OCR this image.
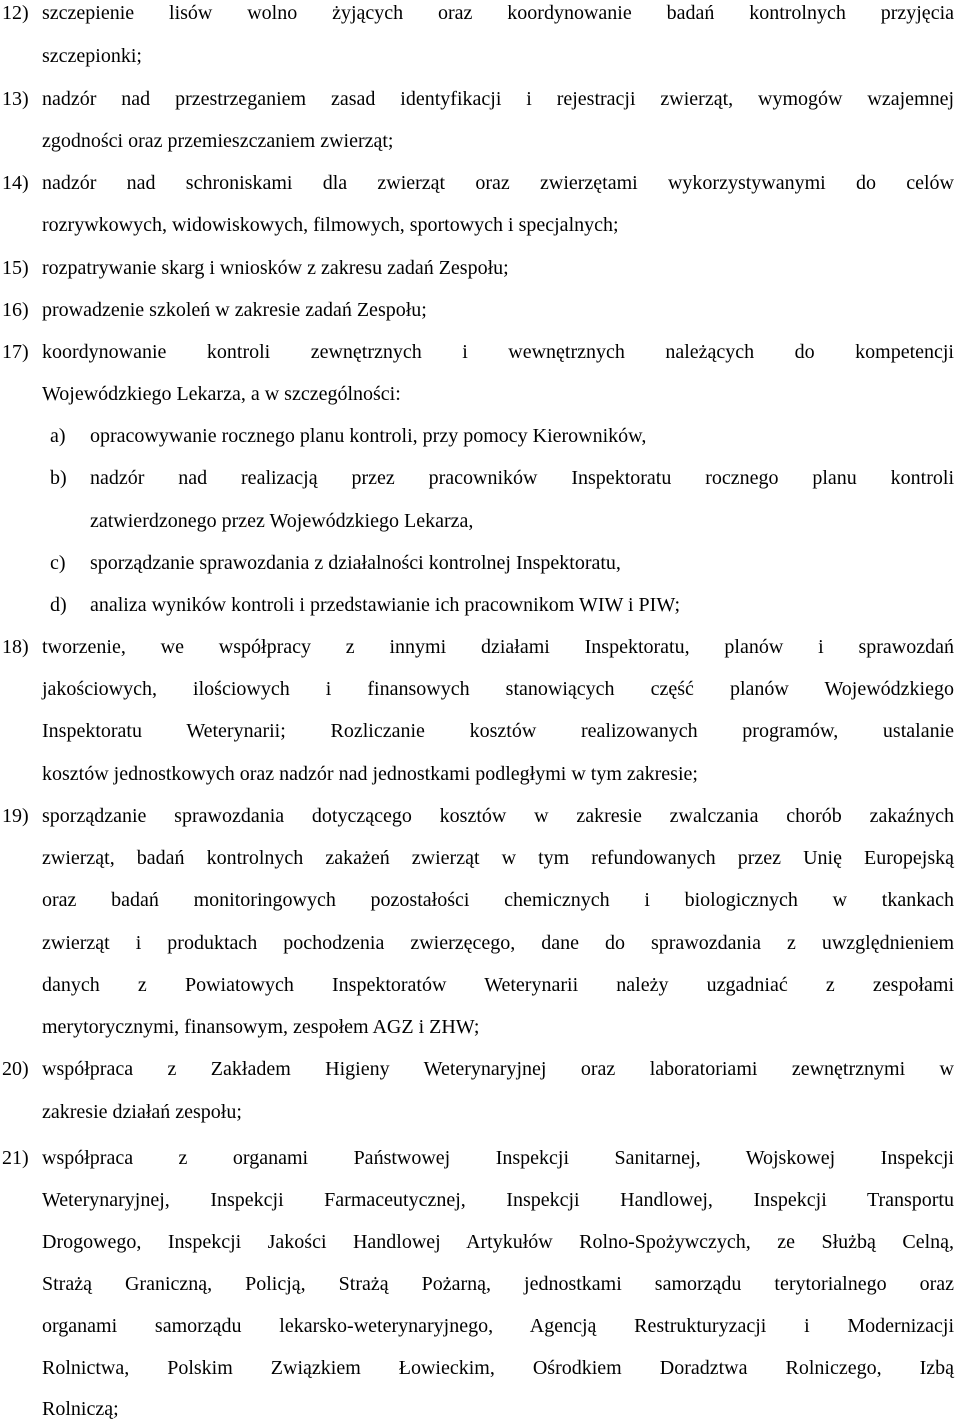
12) szczepienie lisów wolno żyjących oraz koordynowanie badań kontrolnych przyjęcia
szczepionki;
13) nadzór nad przestrzeganiem zasad identyfikacji i rejestracji zwierząt, wymogów wzajemnej
zgodności oraz przemieszczaniem zwierząt;
14) nadzór nad schroniskami dla zwierząt oraz zwierzętami wykorzystywanymi do celów
rozrywkowych, widowiskowych, filmowych, sportowych i specjalnych;
15) rozpatrywanie skarg i wniosków z zakresu zadań Zespołu;
16) prowadzenie szkoleń w zakresie zadań Zespołu;
17) koordynowanie kontroli zewnętrznych i wewnętrznych należących do kompetencji
Wojewódzkiego Lekarza, a w szczególności:
a) opracowywanie rocznego planu kontroli, przy pomocy Kierowników,
b) nadzór nad realizacją przez pracowników Inspektoratu rocznego planu kontroli
zatwierdzonego przez Wojewódzkiego Lekarza,
c) sporządzanie sprawozdania z działalności kontrolnej Inspektoratu,
d) analiza wyników kontroli i przedstawianie ich pracownikom WIW i PIW;
18) tworzenie, we współpracy z innymi działami Inspektoratu, planów i sprawozdań
jakościowych, ilościowych i finansowych stanowiących część planów Wojewódzkiego
Inspektoratu Weterynarii; Rozliczanie kosztów realizowanych programów, ustalanie
kosztów jednostkowych oraz nadzór nad jednostkami podległymi w tym zakresie;
19) sporządzanie sprawozdania dotyczącego kosztów w zakresie zwalczania chorób zakaźnych
zwierząt, badań kontrolnych zakażeń zwierząt w tym refundowanych przez Unię Europejską
oraz badań monitoringowych pozostałości chemicznych i biologicznych w tkankach
zwierząt i produktach pochodzenia zwierzęcego, dane do sprawozdania z uwzględnieniem
danych z Powiatowych Inspektoratów Weterynarii należy uzgadniać z zespołami
merytorycznymi, finansowym, zespołem AGZ i ZHW;
20) współpraca z Zakładem Higieny Weterynaryjnej oraz laboratoriami zewnętrznymi w
zakresie działań zespołu;
21) współpraca z organami Państwowej Inspekcji Sanitarnej, Wojskowej Inspekcji
Weterynaryjnej, Inspekcji Farmaceutycznej, Inspekcji Handlowej, Inspekcji Transportu
Drogowego, Inspekcji Jakości Handlowej Artykułów Rolno-Spożywczych, ze Służbą Celną,
Strażą Graniczną, Policją, Strażą Pożarną, jednostkami samorządu terytorialnego oraz
organami samorządu lekarsko-weterynaryjnego, Agencją Restrukturyzacji i Modernizacji
Rolnictwa, Polskim Związkiem Łowieckim, Ośrodkiem Doradztwa Rolniczego, Izbą
Rolniczą;
